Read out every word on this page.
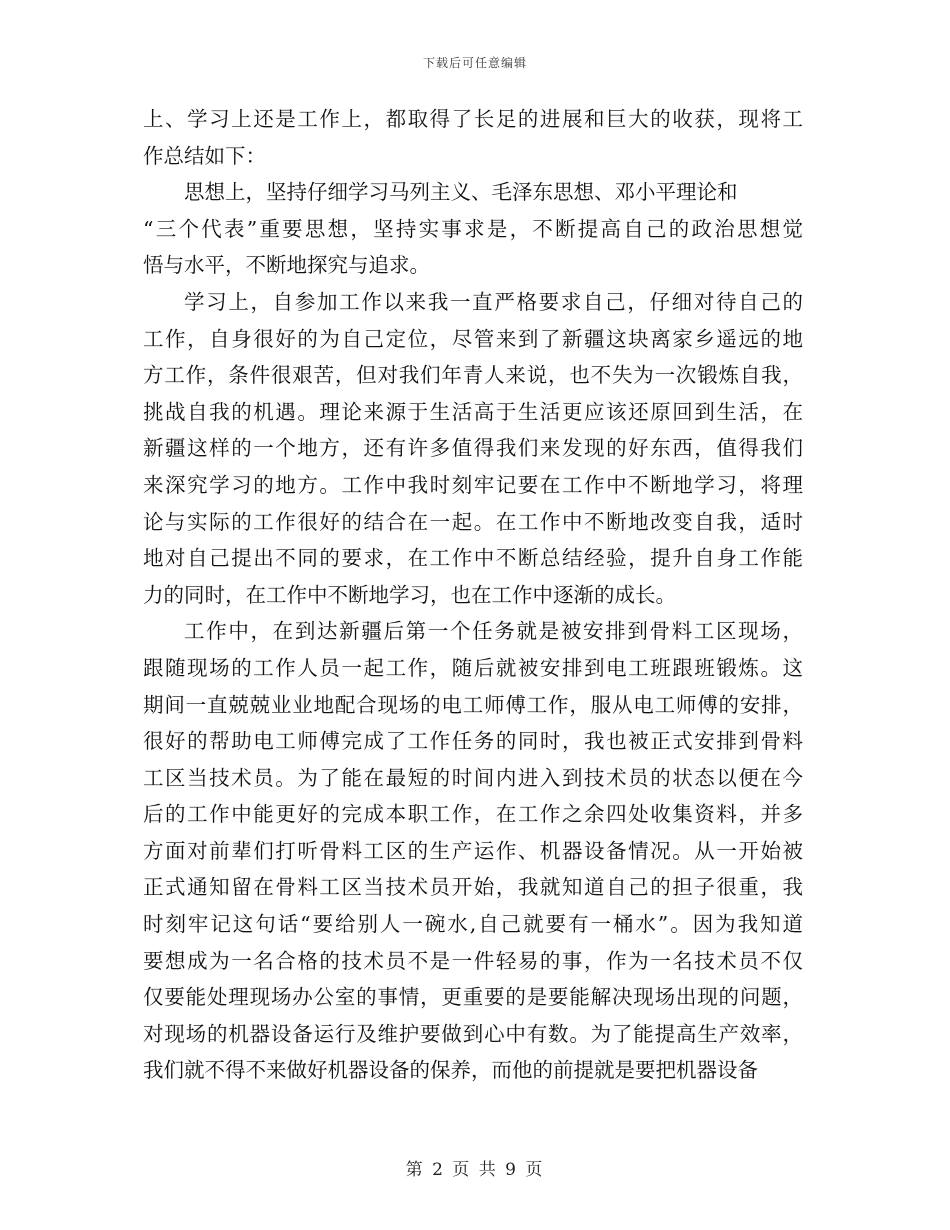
下载后可任意编辑
上、学习上还是工作上，都取得了长足的进展和巨大的收获，现将工
作总结如下：
思想上，坚持仔细学习马列主义、毛泽东思想、邓小平理论和
“三个代表”重要思想，坚持实事求是，不断提高自己的政治思想觉
悟与水平，不断地探究与追求。
学习上，自参加工作以来我一直严格要求自己，仔细对待自己的
工作，自身很好的为自己定位，尽管来到了新疆这块离家乡遥远的地
方工作，条件很艰苦，但对我们年青人来说，也不失为一次锻炼自我，
挑战自我的机遇。理论来源于生活高于生活更应该还原回到生活，在
新疆这样的一个地方，还有许多值得我们来发现的好东西，值得我们
来深究学习的地方。工作中我时刻牢记要在工作中不断地学习，将理
论与实际的工作很好的结合在一起。在工作中不断地改变自我，适时
地对自己提出不同的要求，在工作中不断总结经验，提升自身工作能
力的同时，在工作中不断地学习，也在工作中逐渐的成长。
工作中，在到达新疆后第一个任务就是被安排到骨料工区现场，
跟随现场的工作人员一起工作，随后就被安排到电工班跟班锻炼。这
期间一直兢兢业业地配合现场的电工师傅工作，服从电工师傅的安排，
很好的帮助电工师傅完成了工作任务的同时，我也被正式安排到骨料
工区当技术员。为了能在最短的时间内进入到技术员的状态以便在今
后的工作中能更好的完成本职工作，在工作之余四处收集资料，并多
方面对前辈们打听骨料工区的生产运作、机器设备情况。从一开始被
正式通知留在骨料工区当技术员开始，我就知道自己的担子很重，我
时刻牢记这句话“要给别人一碗水,自己就要有一桶水”。因为我知道
要想成为一名合格的技术员不是一件轻易的事，作为一名技术员不仅
仅要能处理现场办公室的事情，更重要的是要能解决现场出现的问题，
对现场的机器设备运行及维护要做到心中有数。为了能提高生产效率，
我们就不得不来做好机器设备的保养，而他的前提就是要把机器设备
第 2 页 共 9 页
